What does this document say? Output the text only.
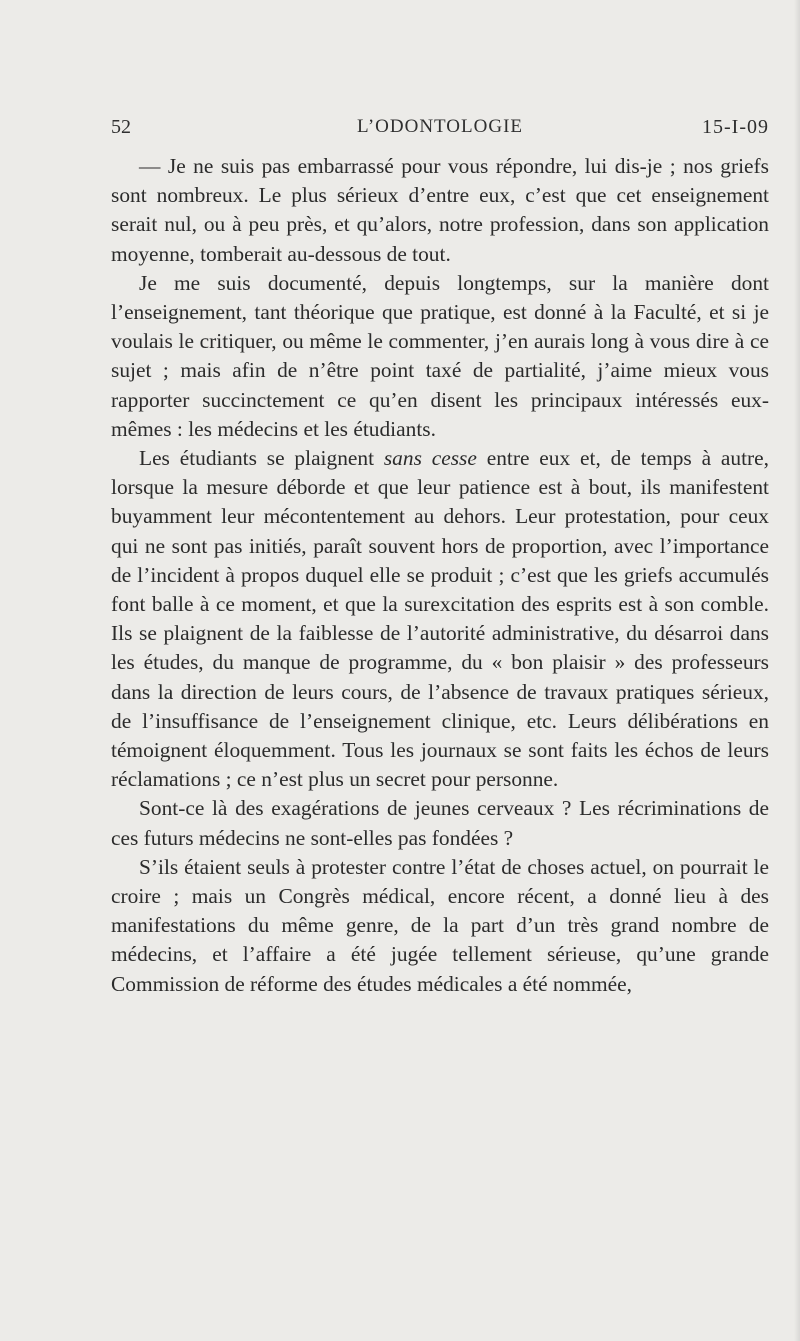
52	L’ODONTOLOGIE	15-I-09

— Je ne suis pas embarrassé pour vous répondre, lui dis-je ; nos griefs sont nombreux. Le plus sérieux d’entre eux, c’est que cet enseignement serait nul, ou à peu près, et qu’alors, notre profession, dans son application moyenne, tomberait au-dessous de tout.

Je me suis documenté, depuis longtemps, sur la manière dont l’enseignement, tant théorique que pratique, est donné à la Faculté, et si je voulais le critiquer, ou même le commenter, j’en aurais long à vous dire à ce sujet ; mais afin de n’être point taxé de partialité, j’aime mieux vous rapporter succinctement ce qu’en disent les principaux intéressés eux-mêmes : les médecins et les étudiants.

Les étudiants se plaignent sans cesse entre eux et, de temps à autre, lorsque la mesure déborde et que leur patience est à bout, ils manifestent buyamment leur mécontentement au dehors. Leur protestation, pour ceux qui ne sont pas initiés, paraît souvent hors de proportion, avec l’importance de l’incident à propos duquel elle se produit ; c’est que les griefs accumulés font balle à ce moment, et que la surexcitation des esprits est à son comble. Ils se plaignent de la faiblesse de l’autorité administrative, du désarroi dans les études, du manque de programme, du « bon plaisir » des professeurs dans la direction de leurs cours, de l’absence de travaux pratiques sérieux, de l’insuffisance de l’enseignement clinique, etc. Leurs délibérations en témoignent éloquemment. Tous les journaux se sont faits les échos de leurs réclamations ; ce n’est plus un secret pour personne.

Sont-ce là des exagérations de jeunes cerveaux ? Les récriminations de ces futurs médecins ne sont-elles pas fondées ?

S’ils étaient seuls à protester contre l’état de choses actuel, on pourrait le croire ; mais un Congrès médical, encore récent, a donné lieu à des manifestations du même genre, de la part d’un très grand nombre de médecins, et l’affaire a été jugée tellement sérieuse, qu’une grande Commission de réforme des études médicales a été nommée,
